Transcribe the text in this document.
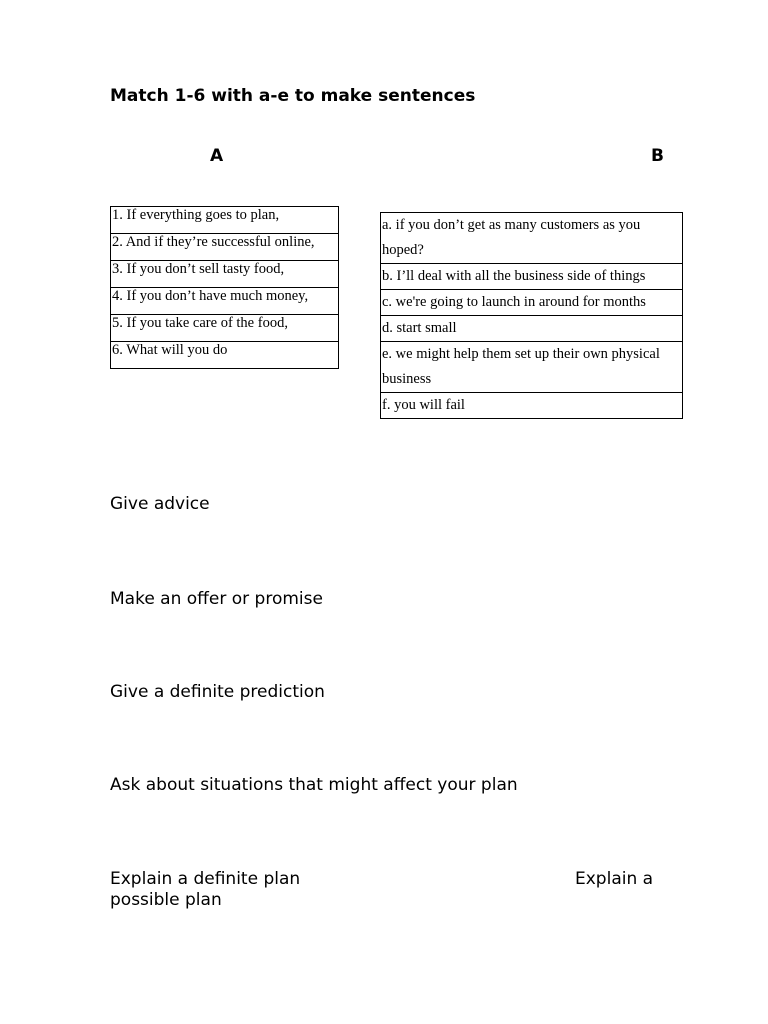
Match 1-6 with a-e to make sentences
A	B
1. If everything goes to plan,
2. And if they’re successful online,
3. If you don’t sell tasty food,
4. If you don’t have much money,
5. If you take care of the food,
6. What will you do
a. if you don’t get as many customers as you hoped?
b. I’ll deal with all the business side of things
c. we're going to launch in around for months
d. start small
e. we might help them set up their own physical business
f. you will fail
Give advice
Make an offer or promise
Give a definite prediction
Ask about situations that might affect your plan
Explain a definite plan	Explain a
possible plan
